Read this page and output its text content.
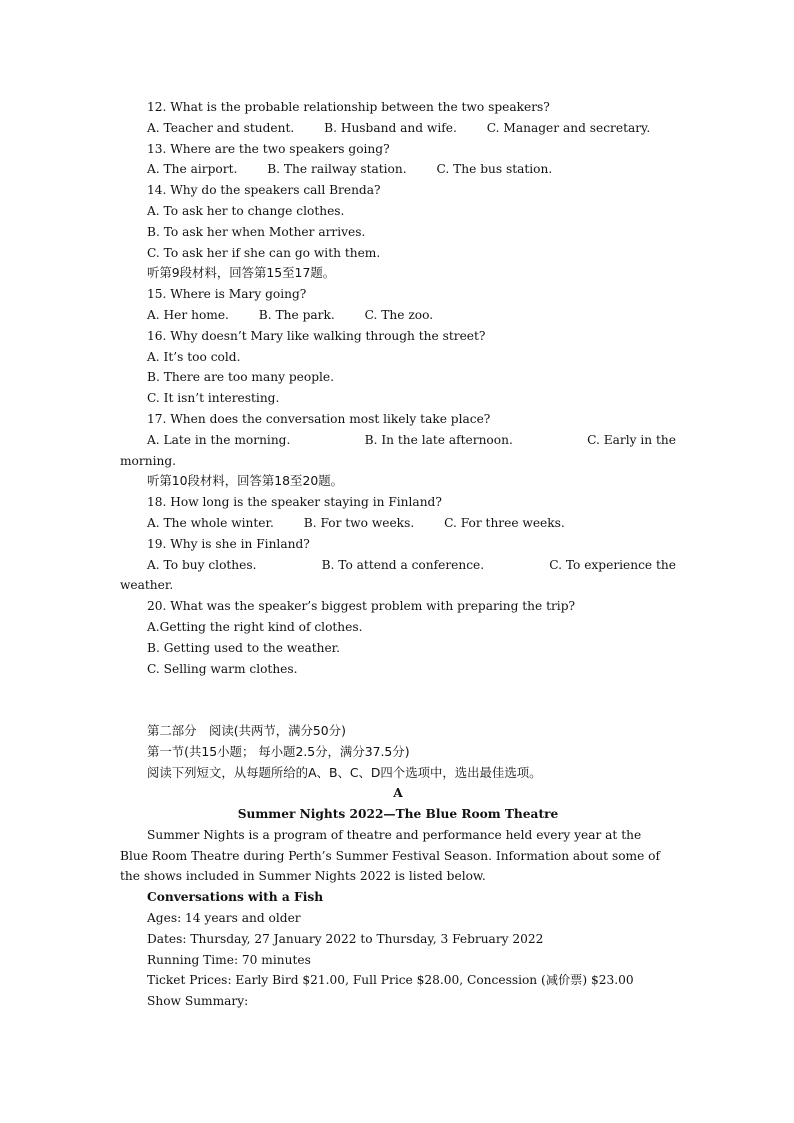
12. What is the probable relationship between the two speakers?
A. Teacher and student. B. Husband and wife. C. Manager and secretary.
13. Where are the two speakers going?
A. The airport. B. The railway station. C. The bus station.
14. Why do the speakers call Brenda?
A. To ask her to change clothes.
B. To ask her when Mother arrives.
C. To ask her if she can go with them.
听第9段材料，回答第15至17题。
15. Where is Mary going?
A. Her home. B. The park. C. The zoo.
16. Why doesn’t Mary like walking through the street?
A. It’s too cold.
B. There are too many people.
C. It isn’t interesting.
17. When does the conversation most likely take place?
A. Late in the morning.	B. In the late afternoon.	C. Early in the
morning.
听第10段材料，回答第18至20题。
18. How long is the speaker staying in Finland?
A. The whole winter. B. For two weeks. C. For three weeks.
19. Why is she in Finland?
A. To buy clothes.	B. To attend a conference.	C. To experience the
weather.
20. What was the speaker’s biggest problem with preparing the trip?
A.Getting the right kind of clothes.
B. Getting used to the weather.
C. Selling warm clothes.
第二部分　阅读(共两节，满分50分)
第一节(共15小题； 每小题2.5分，满分37.5分)
阅读下列短文，从每题所给的A、B、C、D四个选项中，选出最佳选项。
A
Summer Nights 2022—The Blue Room Theatre
Summer Nights is a program of theatre and performance held every year at the
Blue Room Theatre during Perth’s Summer Festival Season. Information about some of
the shows included in Summer Nights 2022 is listed below.
Conversations with a Fish
Ages: 14 years and older
Dates: Thursday, 27 January 2022 to Thursday, 3 February 2022
Running Time: 70 minutes
Ticket Prices: Early Bird $21.00, Full Price $28.00, Concession (减价票) $23.00
Show Summary:
